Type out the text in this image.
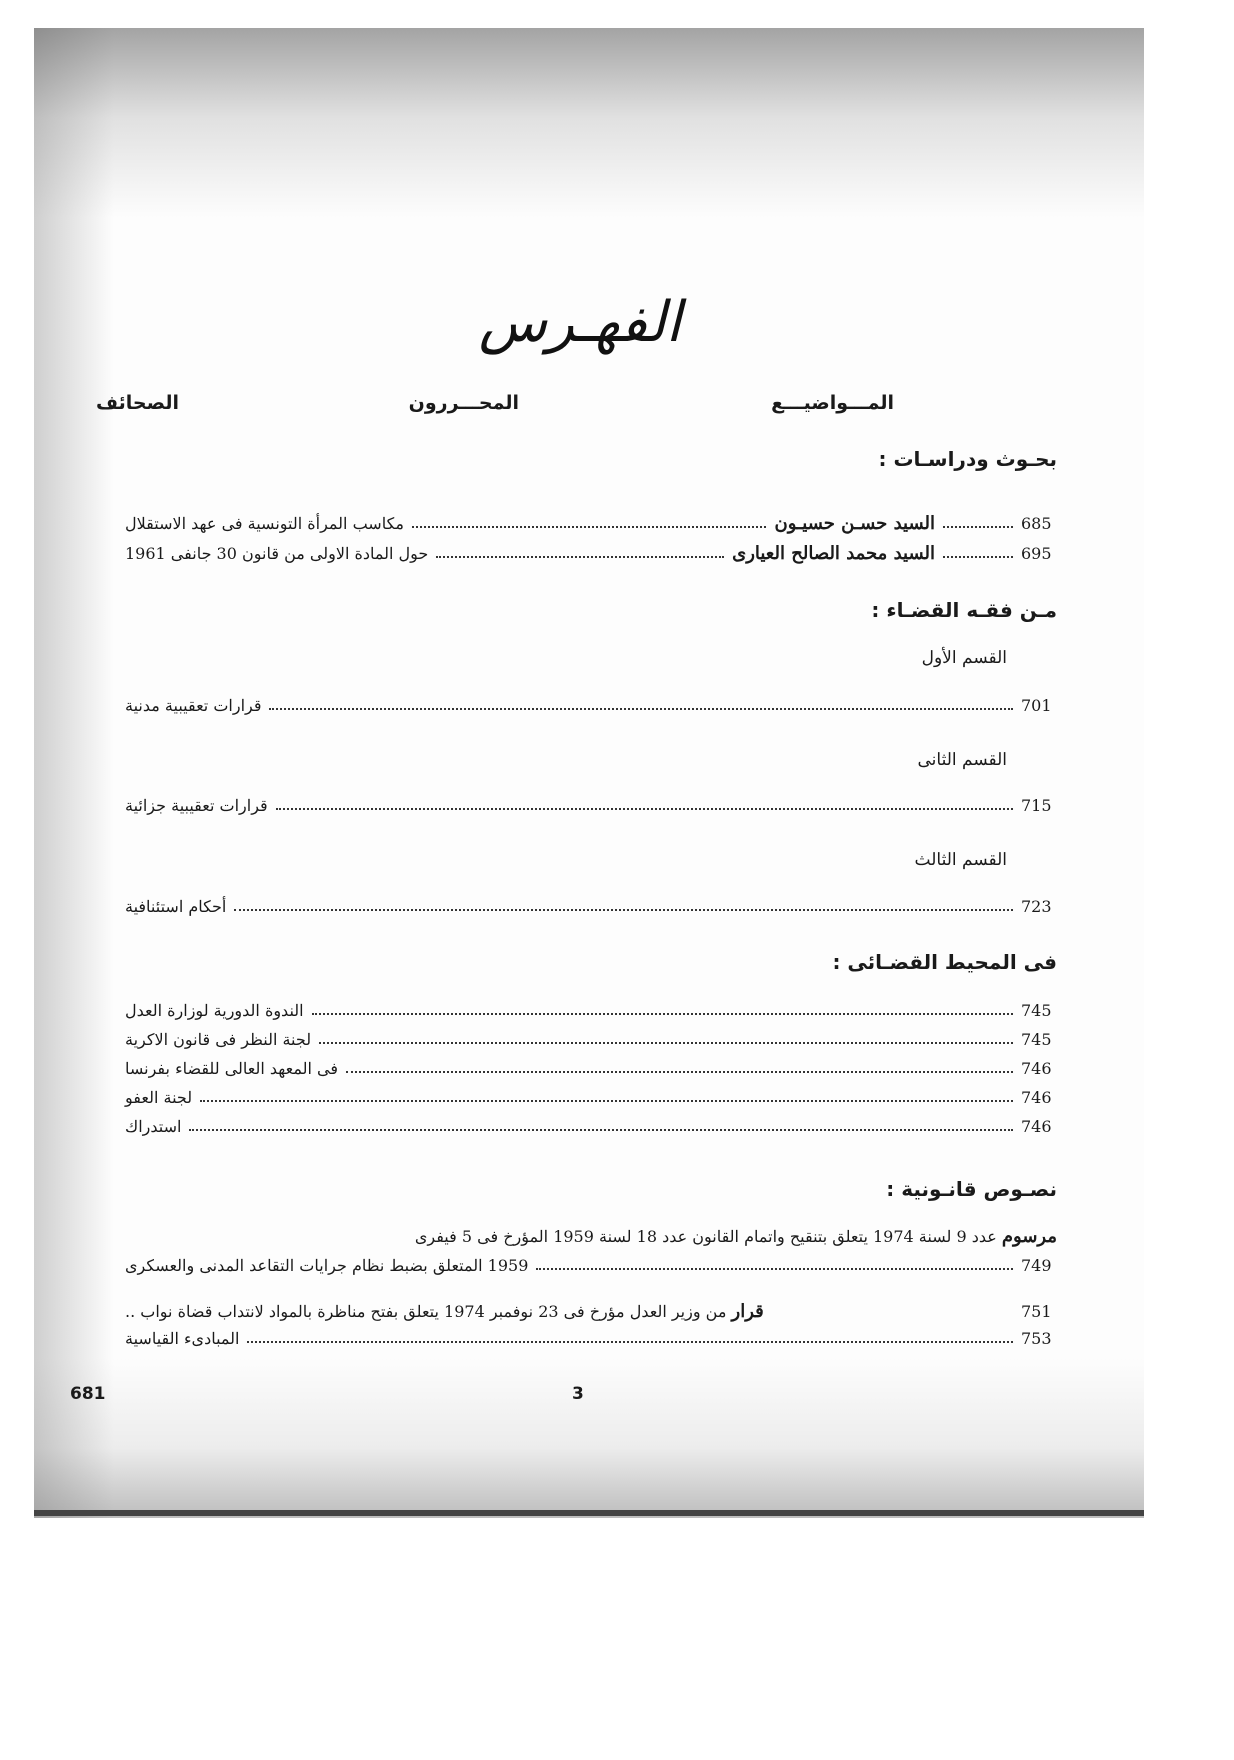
الفهـرس
المـــواضيـــع
المحـــررون
الصحائف
بحـوث ودراسـات :
مكاسب المرأة التونسية فى عهد الاستقلال	السيد حسـن حسيـون	685
حول المادة الاولى من قانون 30 جانفى 1961	السيد محمد الصالح العيارى	695
مـن فقـه القضـاء :
القسم الأول
قرارات تعقيبية مدنية	701
القسم الثانى
قرارات تعقيبية جزائية	715
القسم الثالث
أحكام استئنافية	723
فى المحيط القضـائى :
الندوة الدورية لوزارة العدل	745
لجنة النظر فى قانون الاكرية	745
فى المعهد العالى للقضاء بفرنسا	746
لجنة العفو	746
استدراك	746
نصـوص قانـونية :
مرسوم عدد 9 لسنة 1974 يتعلق بتنقيح واتمام القانون عدد 18 لسنة 1959 المؤرخ فى 5 فيفرى
1959 المتعلق بضبط نظام جرايات التقاعد المدنى والعسكرى	749
قرار من وزير العدل مؤرخ فى 23 نوفمبر 1974 يتعلق بفتح مناظرة بالمواد لانتداب قضاة نواب ..	751
المبادىء القياسية	753
681	3
